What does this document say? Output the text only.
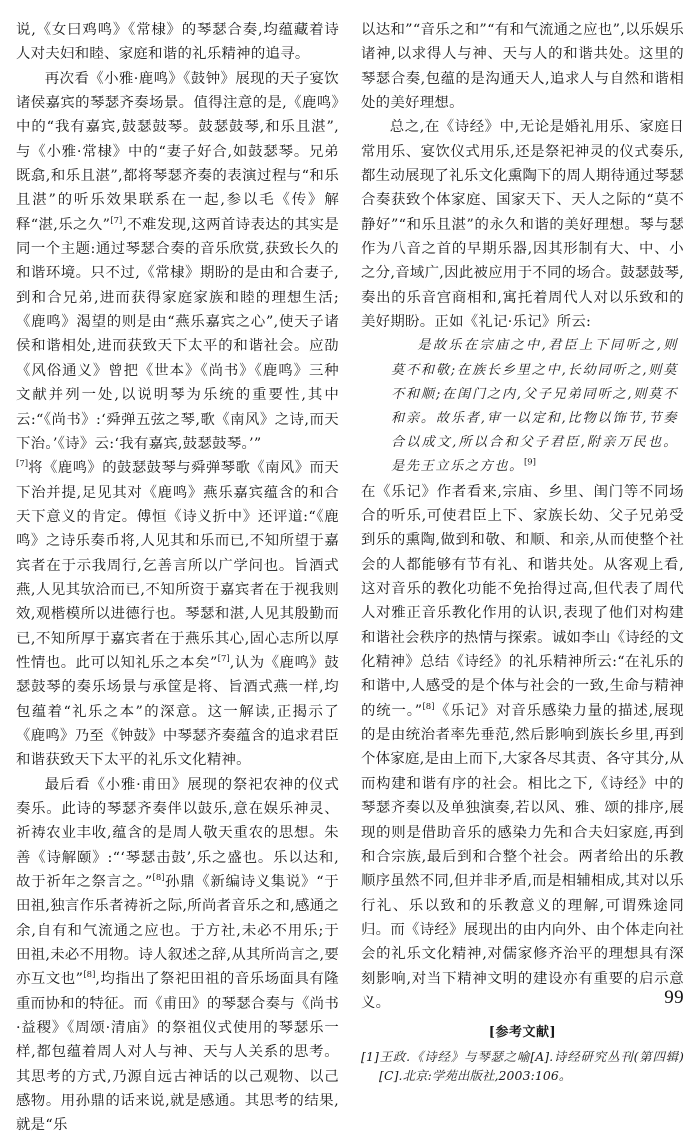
说,《女曰鸡鸣》《常棣》的琴瑟合奏,均蕴藏着诗人对夫妇和睦、家庭和谐的礼乐精神的追寻。

再次看《小雅·鹿鸣》《鼓钟》展现的天子宴饮诸侯嘉宾的琴瑟齐奏场景。值得注意的是,《鹿鸣》中的“我有嘉宾,鼓瑟鼓琴。鼓瑟鼓琴,和乐且湛”,与《小雅·常棣》中的“妻子好合,如鼓瑟琴。兄弟既翕,和乐且湛”,都将琴瑟齐奏的表演过程与“和乐且湛”的听乐效果联系在一起,参以毛《传》解释“湛,乐之久”[7],不难发现,这两首诗表达的其实是同一个主题:通过琴瑟合奏的音乐欣赏,获致长久的和谐环境。只不过,《常棣》期盼的是由和合妻子,到和合兄弟,进而获得家庭家族和睦的理想生活;《鹿鸣》渴望的则是由“燕乐嘉宾之心”,使天子诸侯和谐相处,进而获致天下太平的和谐社会。应劭《风俗通义》曾把《世本》《尚书》《鹿鸣》三种文献并列一处,以说明琴为乐统的重要性,其中云:“《尚书》:‘舜弹五弦之琴,歌《南风》之诗,而天下治。’《诗》云:‘我有嘉宾,鼓瑟鼓琴。’”

[7]将《鹿鸣》的鼓瑟鼓琴与舜弹琴歌《南风》而天下治并提,足见其对《鹿鸣》燕乐嘉宾蕴含的和合天下意义的肯定。傅恒《诗义折中》还评道:“《鹿鸣》之诗乐奏币将,人见其和乐而已,不知所望于嘉宾者在于示我周行,乞善言所以广学问也。旨酒式燕,人见其欤洽而已,不知所资于嘉宾者在于视我则效,观楷模所以进德行也。琴瑟和湛,人见其殷勤而已,不知所厚于嘉宾者在于燕乐其心,固心志所以厚性情也。此可以知礼乐之本矣”[7],认为《鹿鸣》鼓瑟鼓琴的奏乐场景与承筐是将、旨酒式燕一样,均包蕴着“礼乐之本”的深意。这一解读,正揭示了《鹿鸣》乃至《钟鼓》中琴瑟齐奏蕴含的追求君臣和谐获致天下太平的礼乐文化精神。

最后看《小雅·甫田》展现的祭祀农神的仪式奏乐。此诗的琴瑟齐奏伴以鼓乐,意在娱乐神灵、祈祷农业丰收,蕴含的是周人敬天重农的思想。朱善《诗解颐》:“‘琴瑟击鼓’,乐之盛也。乐以达和,故于祈年之祭言之。”[8]孙鼎《新编诗义集说》“于田祖,独言作乐者祷祈之际,所尚者音乐之和,感通之余,自有和气流通之应也。于方社,未必不用乐;于田祖,未必不用物。诗人叙述之辞,从其所尚言之,要亦互文也”[8],均指出了祭祀田祖的音乐场面具有隆重而协和的特征。而《甫田》的琴瑟合奏与《尚书·益稷》《周颂·清庙》的祭祖仪式使用的琴瑟乐一样,都包蕴着周人对人与神、天与人关系的思考。其思考的方式,乃源自远古神话的以己观物、以己感物。用孙鼎的话来说,就是感通。其思考的结果,就是“乐

以达和”“音乐之和”“有和气流通之应也”,以乐娱乐诸神,以求得人与神、天与人的和谐共处。这里的琴瑟合奏,包蕴的是沟通天人,追求人与自然和谐相处的美好理想。

总之,在《诗经》中,无论是婚礼用乐、家庭日常用乐、宴饮仪式用乐,还是祭祀神灵的仪式奏乐,都生动展现了礼乐文化熏陶下的周人期待通过琴瑟合奏获致个体家庭、国家天下、天人之际的“莫不静好”“和乐且湛”的永久和谐的美好理想。琴与瑟作为八音之首的早期乐器,因其形制有大、中、小之分,音域广,因此被应用于不同的场合。鼓瑟鼓琴,奏出的乐音宫商相和,寓托着周代人对以乐致和的美好期盼。正如《礼记·乐记》所云:

是故乐在宗庙之中,君臣上下同听之,则莫不和敬;在族长乡里之中,长幼同听之,则莫不和顺;在闺门之内,父子兄弟同听之,则莫不和亲。故乐者,审一以定和,比物以饰节,节奏合以成文,所以合和父子君臣,附亲万民也。是先王立乐之方也。[9]

在《乐记》作者看来,宗庙、乡里、闺门等不同场合的听乐,可使君臣上下、家族长幼、父子兄弟受到乐的熏陶,做到和敬、和顺、和亲,从而使整个社会的人都能够有节有礼、和谐共处。从客观上看,这对音乐的教化功能不免抬得过高,但代表了周代人对雅正音乐教化作用的认识,表现了他们对构建和谐社会秩序的热情与探索。诚如李山《诗经的文化精神》总结《诗经》的礼乐精神所云:“在礼乐的和谐中,人感受的是个体与社会的一致,生命与精神的统一。”[8]《乐记》对音乐感染力量的描述,展现的是由统治者率先垂范,然后影响到族长乡里,再到个体家庭,是由上而下,大家各尽其责、各守其分,从而构建和谐有序的社会。相比之下,《诗经》中的琴瑟齐奏以及单独演奏,若以风、雅、颂的排序,展现的则是借助音乐的感染力先和合夫妇家庭,再到和合宗族,最后到和合整个社会。两者给出的乐教顺序虽然不同,但并非矛盾,而是相辅相成,其对以乐行礼、乐以致和的乐教意义的理解,可谓殊途同归。而《诗经》展现出的由内向外、由个体走向社会的礼乐文化精神,对儒家修齐治平的理想具有深刻影响,对当下精神文明的建设亦有重要的启示意义。

[参考文献]

[1]王政.《诗经》与琴瑟之喻[A].诗经研究丛刊(第四辑)[C].北京:学苑出版社,2003:106。

99
